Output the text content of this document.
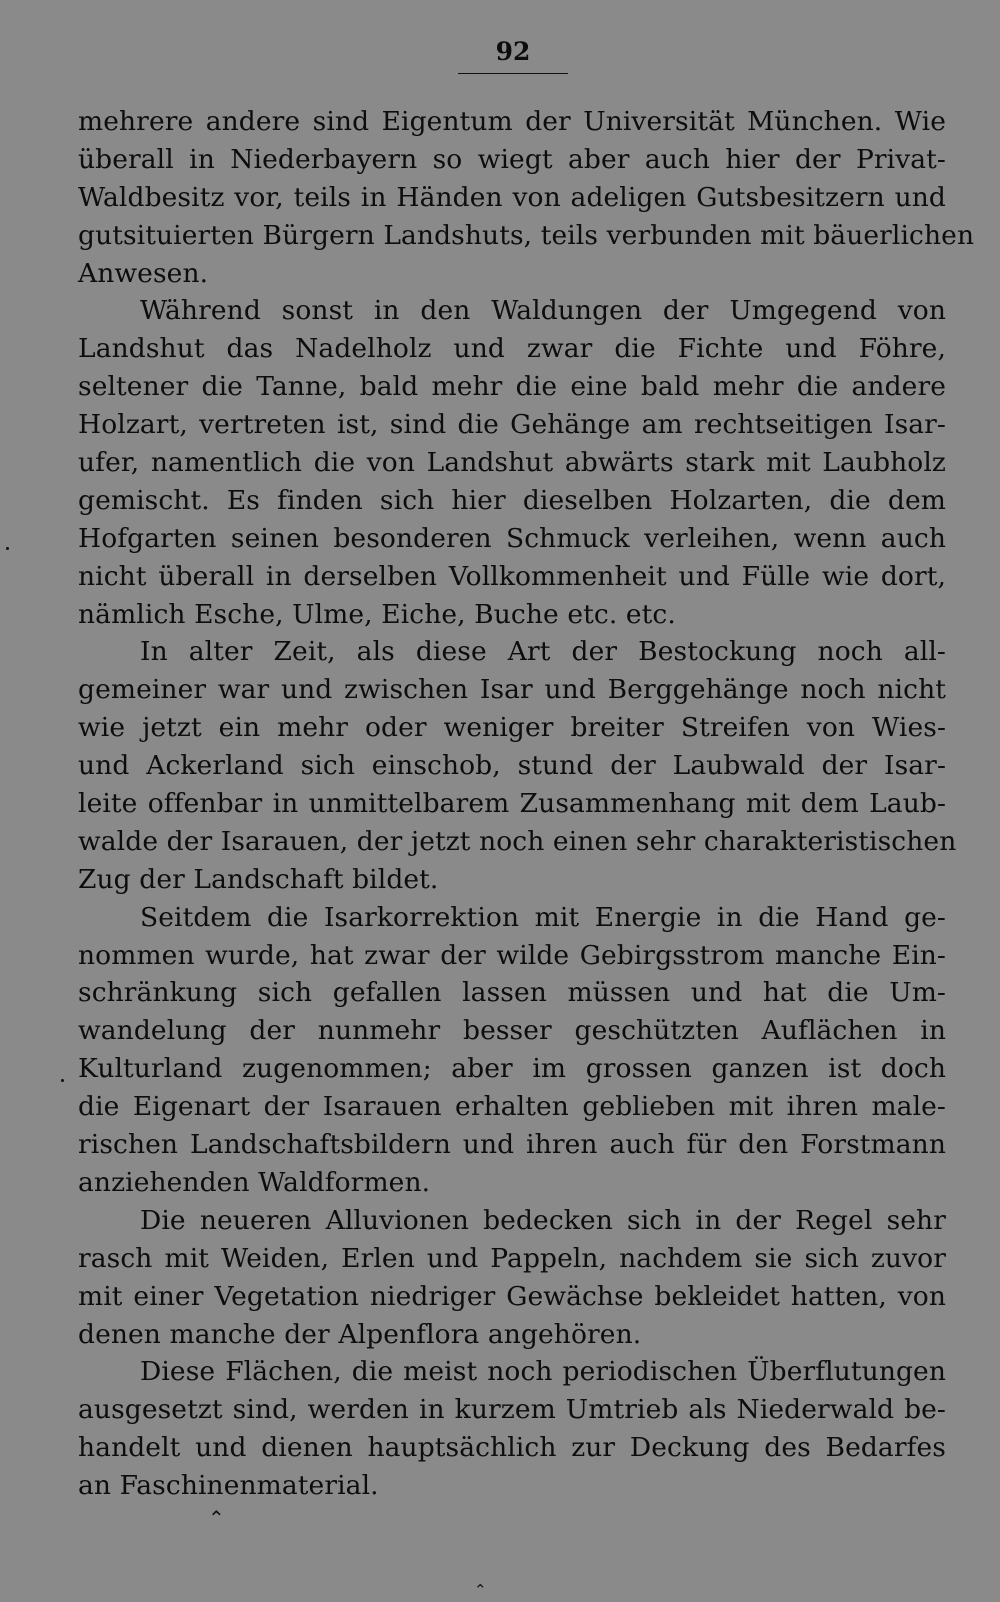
92
mehrere andere sind Eigentum der Universität München. Wie
überall in Niederbayern so wiegt aber auch hier der Privat-
Waldbesitz vor, teils in Händen von adeligen Gutsbesitzern und
gutsituierten Bürgern Landshuts, teils verbunden mit bäuerlichen
Anwesen.
Während sonst in den Waldungen der Umgegend von
Landshut das Nadelholz und zwar die Fichte und Föhre,
seltener die Tanne, bald mehr die eine bald mehr die andere
Holzart, vertreten ist, sind die Gehänge am rechtseitigen Isar-
ufer, namentlich die von Landshut abwärts stark mit Laubholz
gemischt. Es finden sich hier dieselben Holzarten, die dem
Hofgarten seinen besonderen Schmuck verleihen, wenn auch
nicht überall in derselben Vollkommenheit und Fülle wie dort,
nämlich Esche, Ulme, Eiche, Buche etc. etc.
In alter Zeit, als diese Art der Bestockung noch all-
gemeiner war und zwischen Isar und Berggehänge noch nicht
wie jetzt ein mehr oder weniger breiter Streifen von Wies-
und Ackerland sich einschob, stund der Laubwald der Isar-
leite offenbar in unmittelbarem Zusammenhang mit dem Laub-
walde der Isarauen, der jetzt noch einen sehr charakteristischen
Zug der Landschaft bildet.
Seitdem die Isarkorrektion mit Energie in die Hand ge-
nommen wurde, hat zwar der wilde Gebirgsstrom manche Ein-
schränkung sich gefallen lassen müssen und hat die Um-
wandelung der nunmehr besser geschützten Auflächen in
Kulturland zugenommen; aber im grossen ganzen ist doch
die Eigenart der Isarauen erhalten geblieben mit ihren male-
rischen Landschaftsbildern und ihren auch für den Forstmann
anziehenden Waldformen.
Die neueren Alluvionen bedecken sich in der Regel sehr
rasch mit Weiden, Erlen und Pappeln, nachdem sie sich zuvor
mit einer Vegetation niedriger Gewächse bekleidet hatten, von
denen manche der Alpenflora angehören.
Diese Flächen, die meist noch periodischen Überflutungen
ausgesetzt sind, werden in kurzem Umtrieb als Niederwald be-
handelt und dienen hauptsächlich zur Deckung des Bedarfes
an Faschinenmaterial.
⌃
⌃
